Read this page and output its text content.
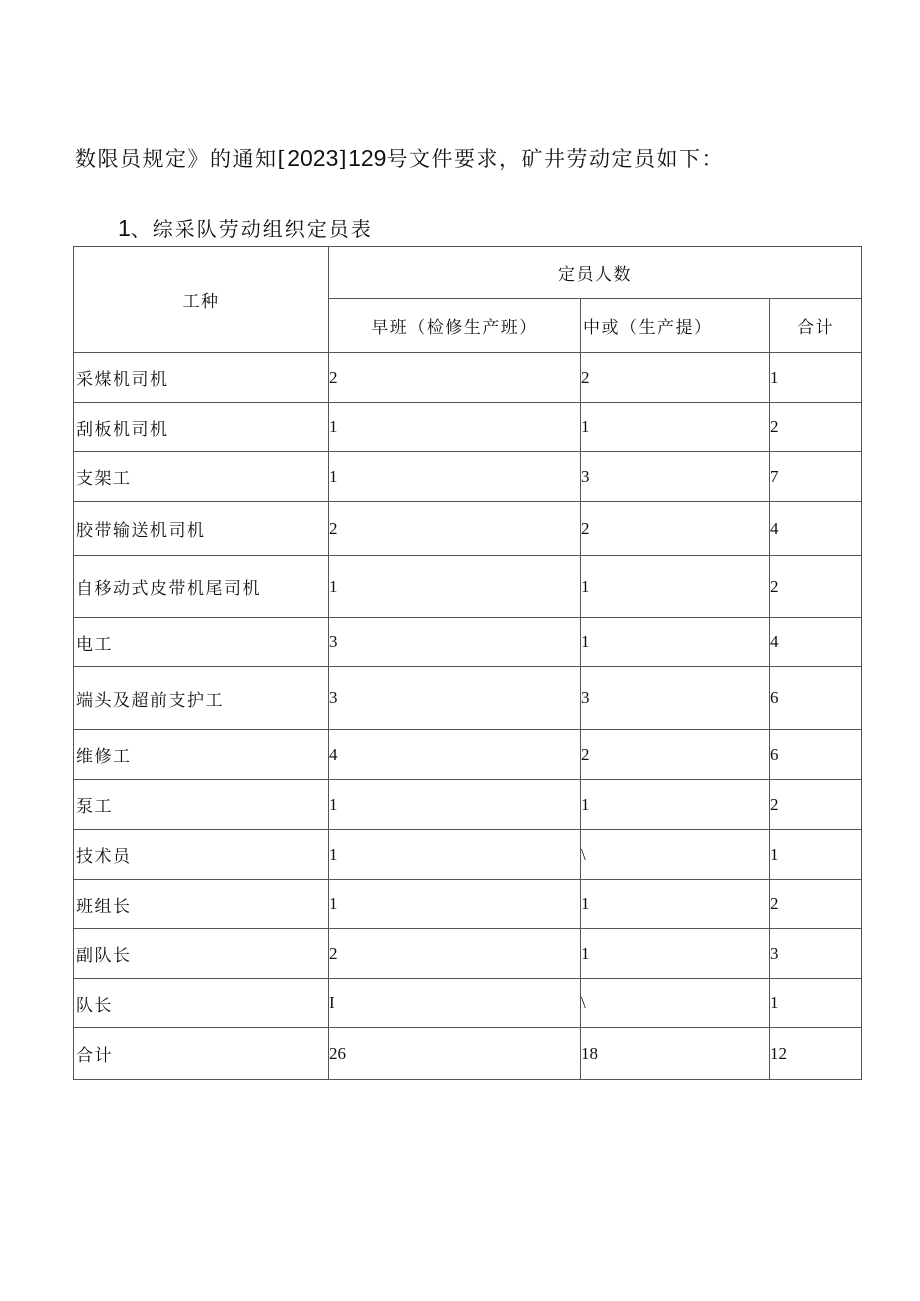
数限员规定》的通知[2023]129号文件要求，矿井劳动定员如下：
1、综采队劳动组织定员表
工种	定员人数		
	早班（检修生产班）	中或（生产提）	合计
采煤机司机	2	2	1
刮板机司机	1	1	2
支架工	1	3	7
胶带输送机司机	2	2	4
自移动式皮带机尾司机	1	1	2
电工	3	1	4
端头及超前支护工	3	3	6
维修工	4	2	6
泵工	1	1	2
技术员	1	\	1
班组长	1	1	2
副队长	2	1	3
队长	I	\	1
合计	26	18	12
